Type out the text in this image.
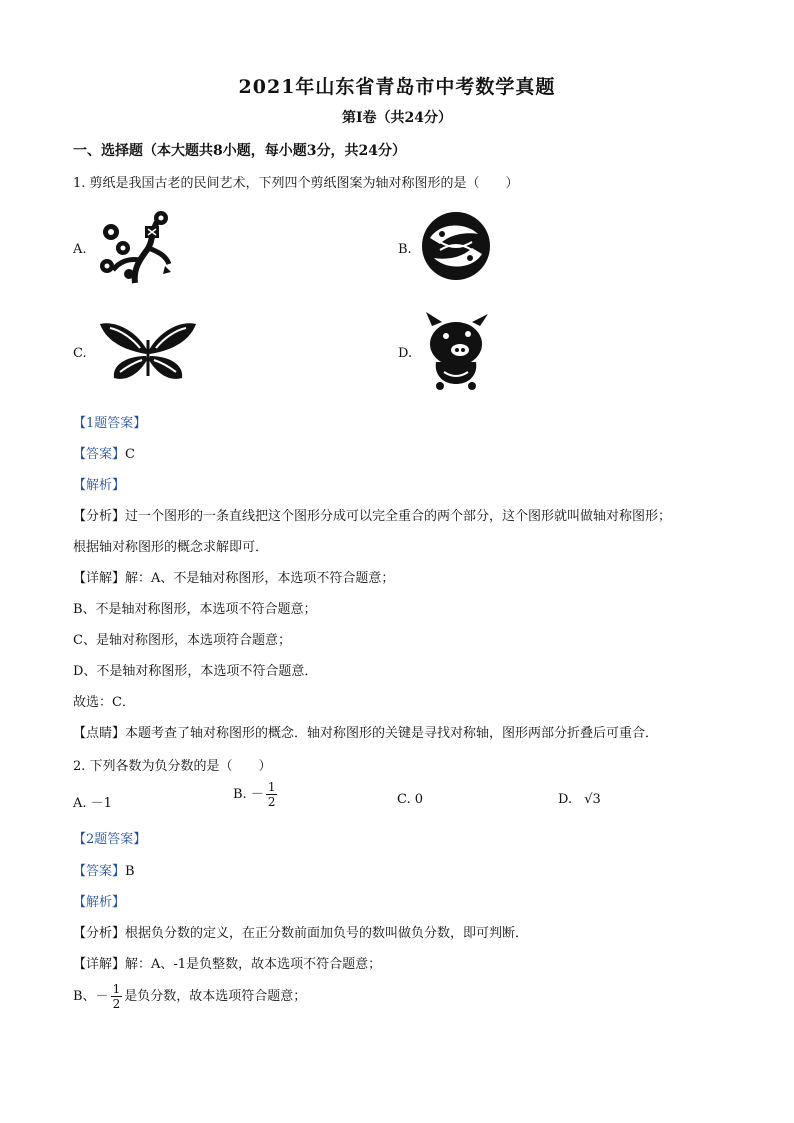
2021年山东省青岛市中考数学真题
第Ⅰ卷（共24分）
一、选择题（本大题共8小题，每小题3分，共24分）
1. 剪纸是我国古老的民间艺术，下列四个剪纸图案为轴对称图形的是（　　）
A.	B.
C.	D.
【1题答案】
【答案】C
【解析】
【分析】过一个图形的一条直线把这个图形分成可以完全重合的两个部分，这个图形就叫做轴对称图形；
根据轴对称图形的概念求解即可．
【详解】解：A、不是轴对称图形，本选项不符合题意；
B、不是轴对称图形，本选项不符合题意；
C、是轴对称图形，本选项符合题意；
D、不是轴对称图形，本选项不符合题意．
故选：C．
【点睛】本题考查了轴对称图形的概念．轴对称图形的关键是寻找对称轴，图形两部分折叠后可重合．
2. 下列各数为负分数的是（　　）
A. －1
B. － $\frac{1}{2}$	C. 0	D. √3
【2题答案】
【答案】B
【解析】
【分析】根据负分数的定义，在正分数前面加负号的数叫做负分数，即可判断．
【详解】解：A、-1是负整数，故本选项不符合题意；
B、－ $\frac{1}{2}$ 是负分数，故本选项符合题意；
